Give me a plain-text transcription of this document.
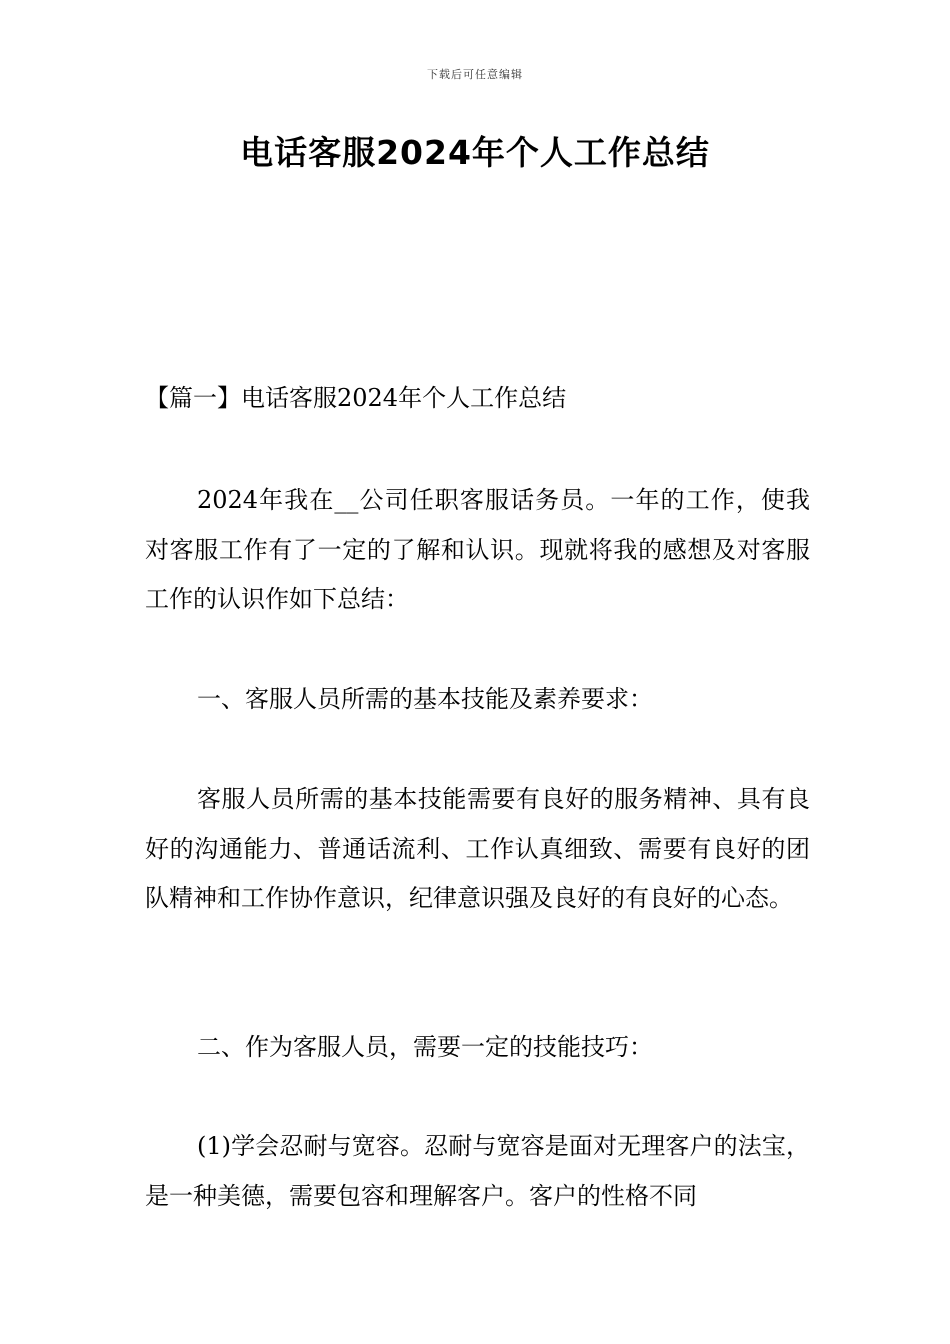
下载后可任意编辑
电话客服2024年个人工作总结
【篇一】电话客服2024年个人工作总结

2024年我在__公司任职客服话务员。一年的工作，使我对客服工作有了一定的了解和认识。现就将我的感想及对客服工作的认识作如下总结：

一、客服人员所需的基本技能及素养要求：

客服人员所需的基本技能需要有良好的服务精神、具有良好的沟通能力、普通话流利、工作认真细致、需要有良好的团队精神和工作协作意识，纪律意识强及良好的有良好的心态。

二、作为客服人员，需要一定的技能技巧：

(1)学会忍耐与宽容。忍耐与宽容是面对无理客户的法宝，是一种美德，需要包容和理解客户。客户的性格不同
